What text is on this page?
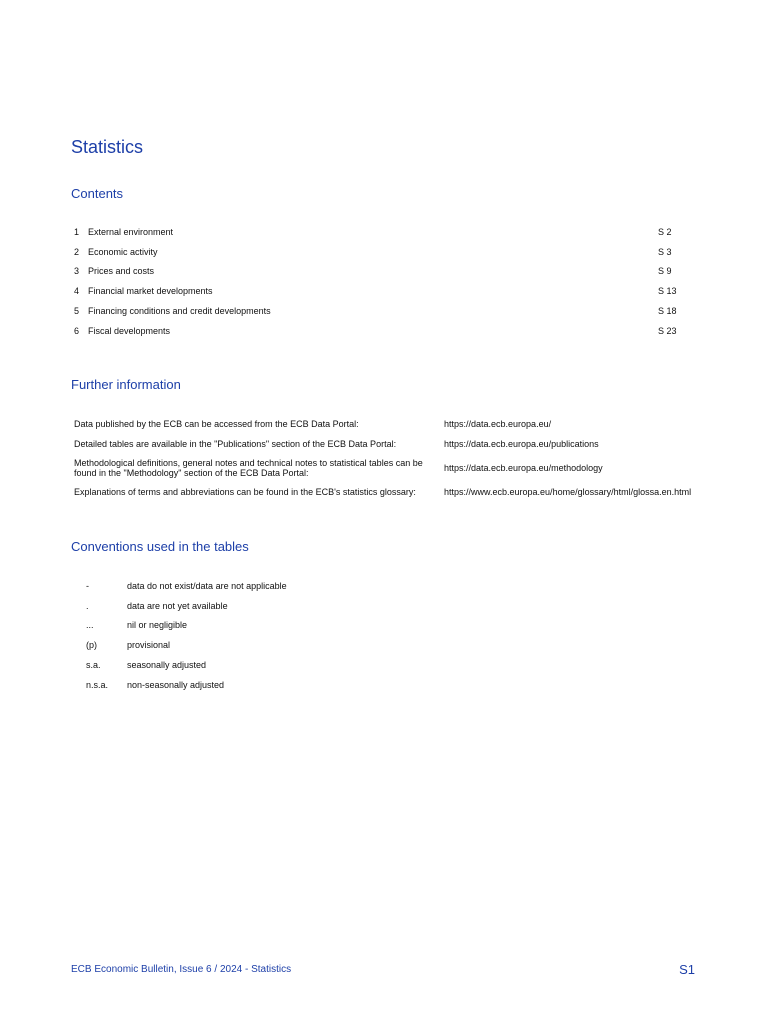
Statistics
Contents
1 External environment	S 2
2 Economic activity	S 3
3 Prices and costs	S 9
4 Financial market developments	S 13
5 Financing conditions and credit developments	S 18
6 Fiscal developments	S 23
Further information
Data published by the ECB can be accessed from the ECB Data Portal:	https://data.ecb.europa.eu/
Detailed tables are available in the "Publications" section of the ECB Data Portal:	https://data.ecb.europa.eu/publications
Methodological definitions, general notes and technical notes to statistical tables can be found in the "Methodology" section of the ECB Data Portal:	https://data.ecb.europa.eu/methodology
Explanations of terms and abbreviations can be found in the ECB's statistics glossary:	https://www.ecb.europa.eu/home/glossary/html/glossa.en.html
Conventions used in the tables
-	data do not exist/data are not applicable
.	data are not yet available
...	nil or negligible
(p)	provisional
s.a.	seasonally adjusted
n.s.a.	non-seasonally adjusted
ECB Economic Bulletin, Issue 6 / 2024 - Statistics	S1
